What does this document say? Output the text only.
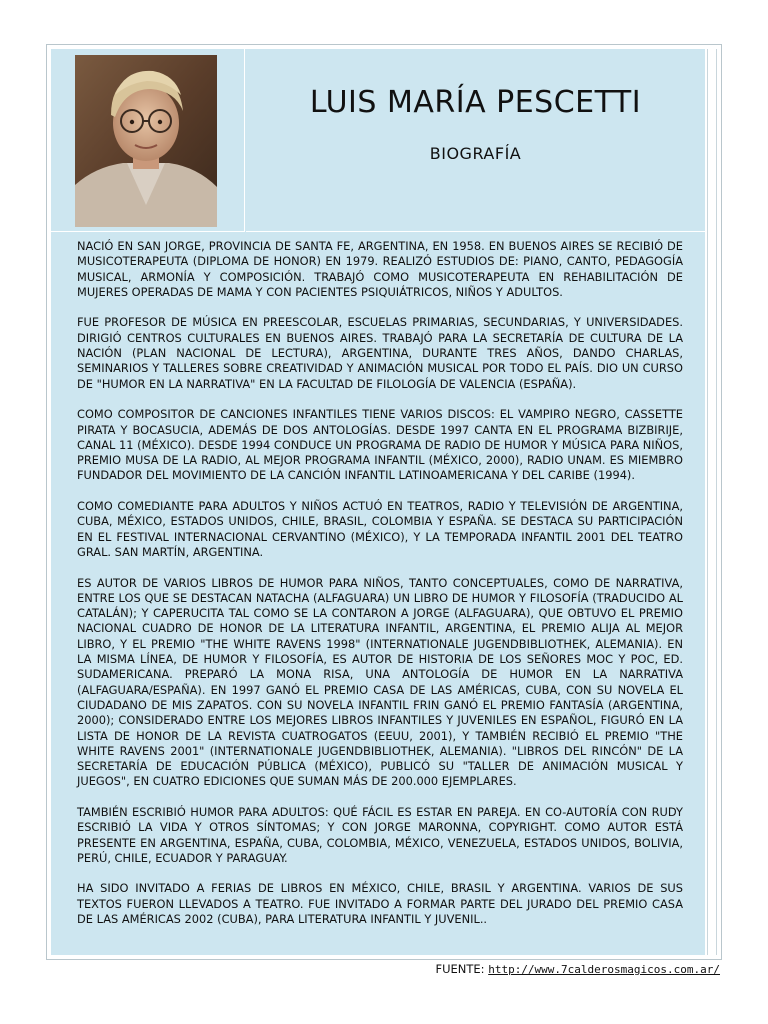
LUIS MARÍA PESCETTI
BIOGRAFÍA

NACIÓ EN SAN JORGE, PROVINCIA DE SANTA FE, ARGENTINA, EN 1958. EN BUENOS AIRES SE RECIBIÓ DE MUSICOTERAPEUTA (DIPLOMA DE HONOR) EN 1979. REALIZÓ ESTUDIOS DE: PIANO, CANTO, PEDAGOGÍA MUSICAL, ARMONÍA Y COMPOSICIÓN. TRABAJÓ COMO MUSICOTERAPEUTA EN REHABILITACIÓN DE MUJERES OPERADAS DE MAMA Y CON PACIENTES PSIQUIÁTRICOS, NIÑOS Y ADULTOS.

FUE PROFESOR DE MÚSICA EN PREESCOLAR, ESCUELAS PRIMARIAS, SECUNDARIAS, Y UNIVERSIDADES. DIRIGIÓ CENTROS CULTURALES EN BUENOS AIRES. TRABAJÓ PARA LA SECRETARÍA DE CULTURA DE LA NACIÓN (PLAN NACIONAL DE LECTURA), ARGENTINA, DURANTE TRES AÑOS, DANDO CHARLAS, SEMINARIOS Y TALLERES SOBRE CREATIVIDAD Y ANIMACIÓN MUSICAL POR TODO EL PAÍS. DIO UN CURSO DE "HUMOR EN LA NARRATIVA" EN LA FACULTAD DE FILOLOGÍA DE VALENCIA (ESPAÑA).

COMO COMPOSITOR DE CANCIONES INFANTILES TIENE VARIOS DISCOS: EL VAMPIRO NEGRO, CASSETTE PIRATA Y BOCASUCIA, ADEMÁS DE DOS ANTOLOGÍAS. DESDE 1997 CANTA EN EL PROGRAMA BIZBIRIJE, CANAL 11 (MÉXICO). DESDE 1994 CONDUCE UN PROGRAMA DE RADIO DE HUMOR Y MÚSICA PARA NIÑOS, PREMIO MUSA DE LA RADIO, AL MEJOR PROGRAMA INFANTIL (MÉXICO, 2000), RADIO UNAM. ES MIEMBRO FUNDADOR DEL MOVIMIENTO DE LA CANCIÓN INFANTIL LATINOAMERICANA Y DEL CARIBE (1994).

COMO COMEDIANTE PARA ADULTOS Y NIÑOS ACTUÓ EN TEATROS, RADIO Y TELEVISIÓN DE ARGENTINA, CUBA, MÉXICO, ESTADOS UNIDOS, CHILE, BRASIL, COLOMBIA Y ESPAÑA. SE DESTACA SU PARTICIPACIÓN EN EL FESTIVAL INTERNACIONAL CERVANTINO (MÉXICO), Y LA TEMPORADA INFANTIL 2001 DEL TEATRO GRAL. SAN MARTÍN, ARGENTINA.

ES AUTOR DE VARIOS LIBROS DE HUMOR PARA NIÑOS, TANTO CONCEPTUALES, COMO DE NARRATIVA, ENTRE LOS QUE SE DESTACAN NATACHA (ALFAGUARA) UN LIBRO DE HUMOR Y FILOSOFÍA (TRADUCIDO AL CATALÁN); Y CAPERUCITA TAL COMO SE LA CONTARON A JORGE (ALFAGUARA), QUE OBTUVO EL PREMIO NACIONAL CUADRO DE HONOR DE LA LITERATURA INFANTIL, ARGENTINA, EL PREMIO ALIJA AL MEJOR LIBRO, Y EL PREMIO "THE WHITE RAVENS 1998" (INTERNATIONALE JUGENDBIBLIOTHEK, ALEMANIA). EN LA MISMA LÍNEA, DE HUMOR Y FILOSOFÍA, ES AUTOR DE HISTORIA DE LOS SEÑORES MOC Y POC, ED. SUDAMERICANA. PREPARÓ LA MONA RISA, UNA ANTOLOGÍA DE HUMOR EN LA NARRATIVA (ALFAGUARA/ESPAÑA). EN 1997 GANÓ EL PREMIO CASA DE LAS AMÉRICAS, CUBA, CON SU NOVELA EL CIUDADANO DE MIS ZAPATOS. CON SU NOVELA INFANTIL FRIN GANÓ EL PREMIO FANTASÍA (ARGENTINA, 2000); CONSIDERADO ENTRE LOS MEJORES LIBROS INFANTILES Y JUVENILES EN ESPAÑOL, FIGURÓ EN LA LISTA DE HONOR DE LA REVISTA CUATROGATOS (EEUU, 2001), Y TAMBIÉN RECIBIÓ EL PREMIO "THE WHITE RAVENS 2001" (INTERNATIONALE JUGENDBIBLIOTHEK, ALEMANIA). "LIBROS DEL RINCÓN" DE LA SECRETARÍA DE EDUCACIÓN PÚBLICA (MÉXICO), PUBLICÓ SU "TALLER DE ANIMACIÓN MUSICAL Y JUEGOS", EN CUATRO EDICIONES QUE SUMAN MÁS DE 200.000 EJEMPLARES.

TAMBIÉN ESCRIBIÓ HUMOR PARA ADULTOS: QUÉ FÁCIL ES ESTAR EN PAREJA. EN CO-AUTORÍA CON RUDY ESCRIBIÓ LA VIDA Y OTROS SÍNTOMAS; Y CON JORGE MARONNA, COPYRIGHT. COMO AUTOR ESTÁ PRESENTE EN ARGENTINA, ESPAÑA, CUBA, COLOMBIA, MÉXICO, VENEZUELA, ESTADOS UNIDOS, BOLIVIA, PERÚ, CHILE, ECUADOR Y PARAGUAY.

HA SIDO INVITADO A FERIAS DE LIBROS EN MÉXICO, CHILE, BRASIL Y ARGENTINA. VARIOS DE SUS TEXTOS FUERON LLEVADOS A TEATRO. FUE INVITADO A FORMAR PARTE DEL JURADO DEL PREMIO CASA DE LAS AMÉRICAS 2002 (CUBA), PARA LITERATURA INFANTIL Y JUVENIL..

FUENTE: http://www.7calderosmagicos.com.ar/
